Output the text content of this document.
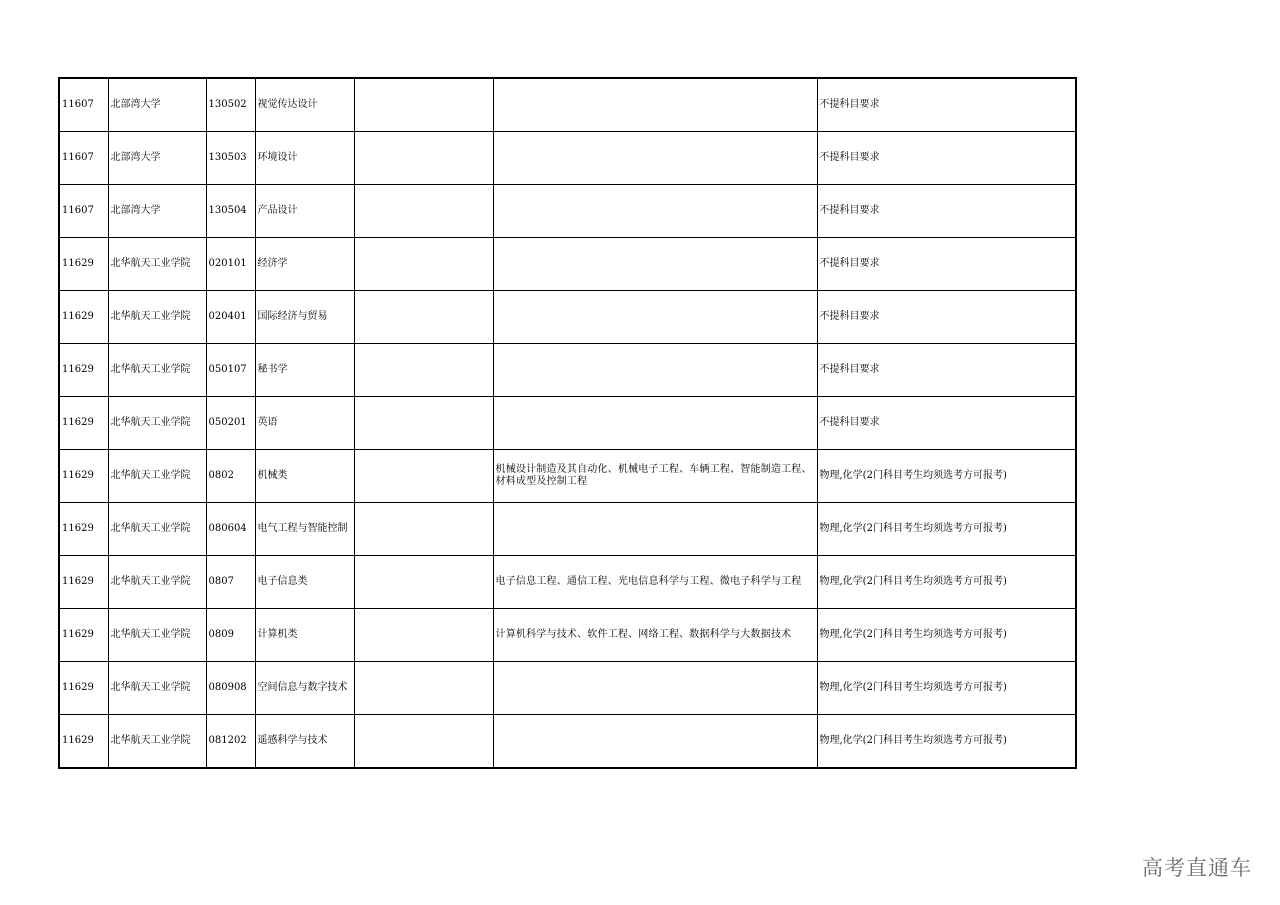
11607	北部湾大学	130502	视觉传达设计			不提科目要求
11607	北部湾大学	130503	环境设计			不提科目要求
11607	北部湾大学	130504	产品设计			不提科目要求
11629	北华航天工业学院	020101	经济学			不提科目要求
11629	北华航天工业学院	020401	国际经济与贸易			不提科目要求
11629	北华航天工业学院	050107	秘书学			不提科目要求
11629	北华航天工业学院	050201	英语			不提科目要求
11629	北华航天工业学院	0802	机械类		机械设计制造及其自动化、机械电子工程、车辆工程、智能制造工程、材料成型及控制工程	物理,化学(2门科目考生均须选考方可报考)
11629	北华航天工业学院	080604	电气工程与智能控制			物理,化学(2门科目考生均须选考方可报考)
11629	北华航天工业学院	0807	电子信息类		电子信息工程、通信工程、光电信息科学与工程、微电子科学与工程	物理,化学(2门科目考生均须选考方可报考)
11629	北华航天工业学院	0809	计算机类		计算机科学与技术、软件工程、网络工程、数据科学与大数据技术	物理,化学(2门科目考生均须选考方可报考)
11629	北华航天工业学院	080908	空间信息与数字技术			物理,化学(2门科目考生均须选考方可报考)
11629	北华航天工业学院	081202	遥感科学与技术			物理,化学(2门科目考生均须选考方可报考)
高考直通车
